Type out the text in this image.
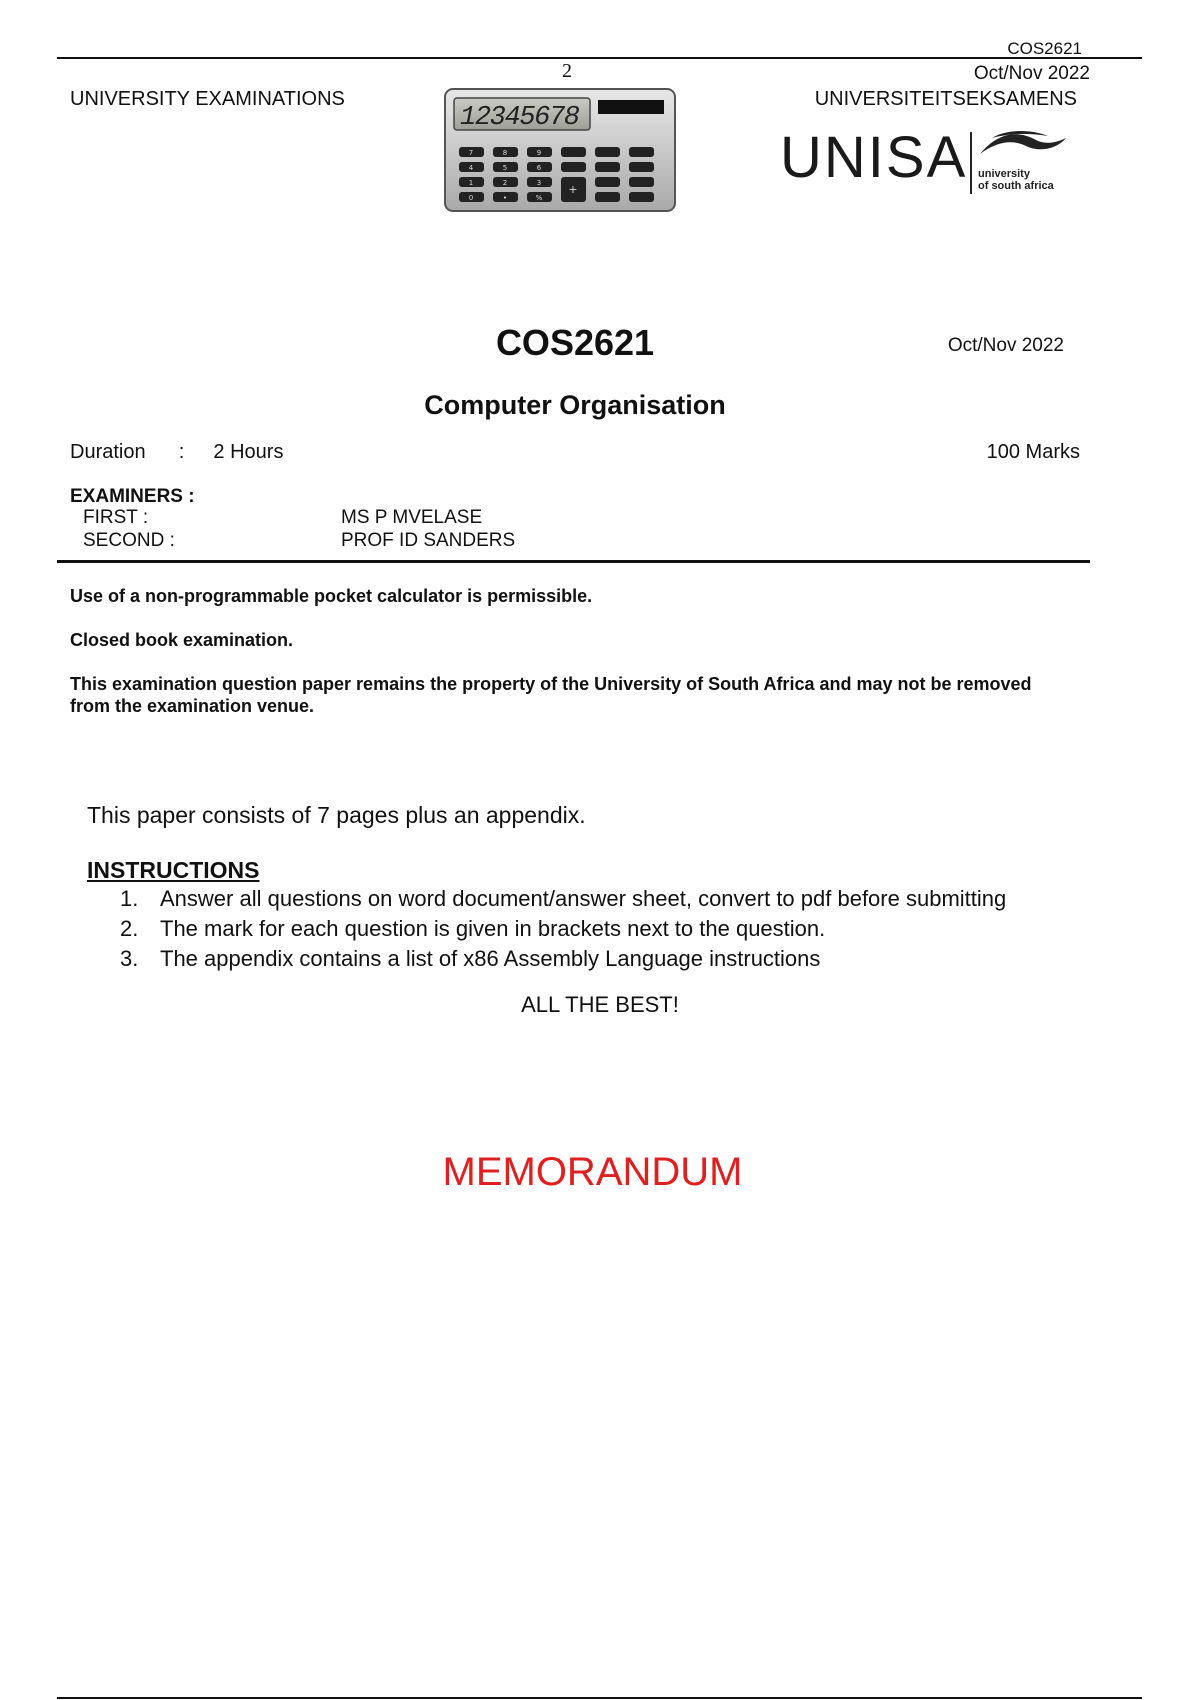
COS2621
Oct/Nov 2022
2
UNIVERSITY EXAMINATIONS	UNIVERSITEITSEKSAMENS
12345678
7	8	9
4	5	6
1	2	3
0	•	%
+	UNISA university
of south africa
COS2621	Oct/Nov 2022
Computer Organisation
Duration : 2 Hours	100 Marks
EXAMINERS :
FIRST :	MS P MVELASE
SECOND :	PROF ID SANDERS
Use of a non-programmable pocket calculator is permissible.
Closed book examination.
This examination question paper remains the property of the University of South Africa and may not be removed from the examination venue.
This paper consists of 7 pages plus an appendix.
INSTRUCTIONS
1. Answer all questions on word document/answer sheet, convert to pdf before submitting
2. The mark for each question is given in brackets next to the question.
3. The appendix contains a list of x86 Assembly Language instructions
ALL THE BEST!
MEMORANDUM
